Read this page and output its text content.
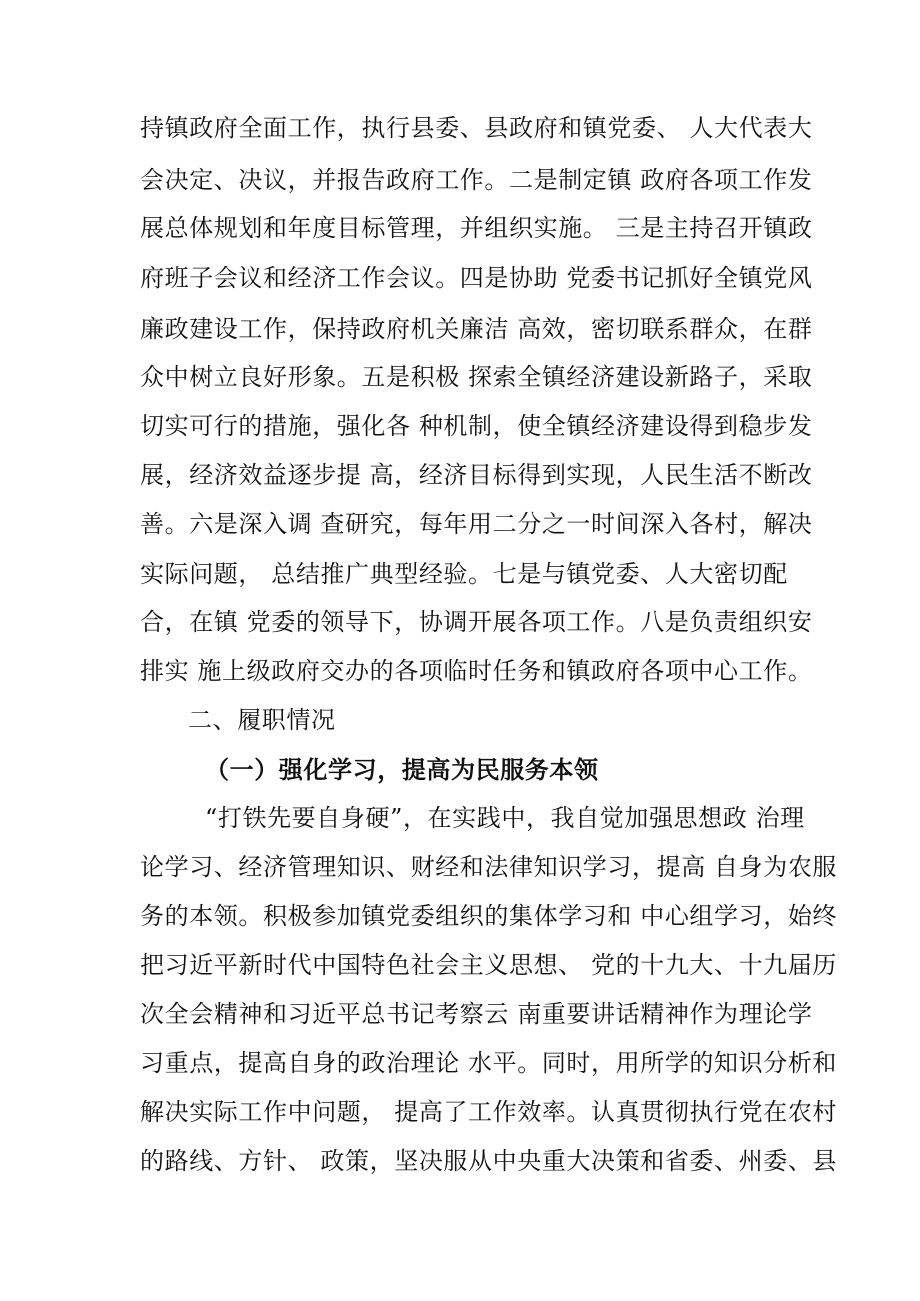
持镇政府全面工作，执行县委、县政府和镇党委、 人大代表大
会决定、决议，并报告政府工作。二是制定镇 政府各项工作发
展总体规划和年度目标管理，并组织实施。 三是主持召开镇政
府班子会议和经济工作会议。四是协助 党委书记抓好全镇党风
廉政建设工作，保持政府机关廉洁 高效，密切联系群众，在群
众中树立良好形象。五是积极 探索全镇经济建设新路子，采取
切实可行的措施，强化各 种机制，使全镇经济建设得到稳步发
展，经济效益逐步提 高，经济目标得到实现，人民生活不断改
善。六是深入调 查研究，每年用二分之一时间深入各村，解决
实际问题， 总结推广典型经验。七是与镇党委、人大密切配
合，在镇 党委的领导下，协调开展各项工作。八是负责组织安
排实 施上级政府交办的各项临时任务和镇政府各项中心工作。
二、履职情况
（一）强化学习，提高为民服务本领
“打铁先要自身硬”，在实践中，我自觉加强思想政 治理
论学习、经济管理知识、财经和法律知识学习，提高 自身为农服
务的本领。积极参加镇党委组织的集体学习和 中心组学习，始终
把习近平新时代中国特色社会主义思想、 党的十九大、十九届历
次全会精神和习近平总书记考察云 南重要讲话精神作为理论学
习重点，提高自身的政治理论 水平。同时，用所学的知识分析和
解决实际工作中问题， 提高了工作效率。认真贯彻执行党在农村
的路线、方针、 政策，坚决服从中央重大决策和省委、州委、县
